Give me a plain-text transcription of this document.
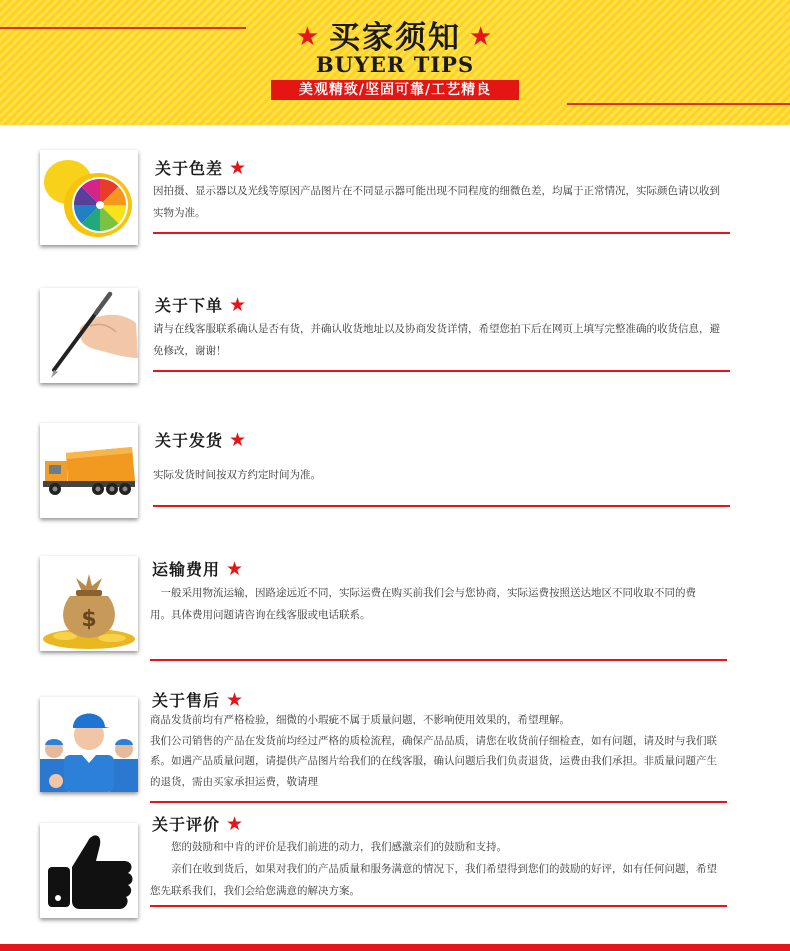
★ 买家须知 ★
BUYER TIPS
美观精致/坚固可靠/工艺精良
关于色差 ★

因拍摄、显示器以及光线等原因产品图片在不同显示器可能出现不同程度的细微色差，均属于正常情况，实际颜色请以收到实物为准。

关于下单 ★

请与在线客服联系确认是否有货，并确认收货地址以及协商发货详情，希望您拍下后在网页上填写完整准确的收货信息，避免修改，谢谢！

关于发货 ★

实际发货时间按双方约定时间为准。

$
运输费用 ★

一般采用物流运输，因路途远近不同，实际运费在购买前我们会与您协商，实际运费按照送达地区不同收取不同的费用。具体费用问题请咨询在线客服或电话联系。

关于售后 ★

商品发货前均有严格检验，细微的小瑕疵不属于质量问题，不影响使用效果的，希望理解。

我们公司销售的产品在发货前均经过严格的质检流程，确保产品品质，请您在收货前仔细检查，如有问题，请及时与我们联系。如遇产品质量问题，请提供产品图片给我们的在线客服，确认问题后我们负责退货，运费由我们承担。非质量问题产生的退货，需由买家承担运费，敬请理

关于评价 ★

您的鼓励和中肯的评价是我们前进的动力，我们感激亲们的鼓励和支持。

亲们在收到货后，如果对我们的产品质量和服务满意的情况下，我们希望得到您们的鼓励的好评，如有任何问题，希望您先联系我们，我们会给您满意的解决方案。
